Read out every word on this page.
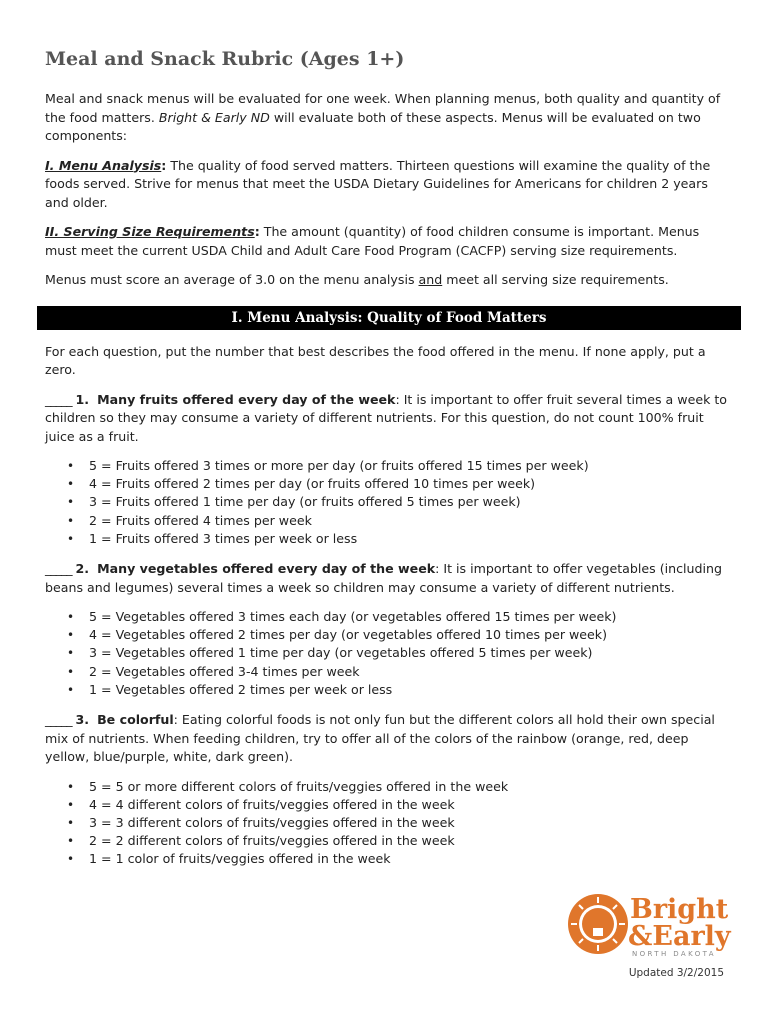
Meal and Snack Rubric (Ages 1+)

Meal and snack menus will be evaluated for one week. When planning menus, both quality and quantity of the food matters. Bright & Early ND will evaluate both of these aspects. Menus will be evaluated on two components:

I. Menu Analysis: The quality of food served matters. Thirteen questions will examine the quality of the foods served. Strive for menus that meet the USDA Dietary Guidelines for Americans for children 2 years and older.

II. Serving Size Requirements: The amount (quantity) of food children consume is important. Menus must meet the current USDA Child and Adult Care Food Program (CACFP) serving size requirements.

Menus must score an average of 3.0 on the menu analysis and meet all serving size requirements.

I. Menu Analysis: Quality of Food Matters

For each question, put the number that best describes the food offered in the menu. If none apply, put a zero.

_____ 1. Many fruits offered every day of the week: It is important to offer fruit several times a week to children so they may consume a variety of different nutrients. For this question, do not count 100% fruit juice as a fruit.

• 5 = Fruits offered 3 times or more per day (or fruits offered 15 times per week)
• 4 = Fruits offered 2 times per day (or fruits offered 10 times per week)
• 3 = Fruits offered 1 time per day (or fruits offered 5 times per week)
• 2 = Fruits offered 4 times per week
• 1 = Fruits offered 3 times per week or less

_____ 2. Many vegetables offered every day of the week: It is important to offer vegetables (including beans and legumes) several times a week so children may consume a variety of different nutrients.

• 5 = Vegetables offered 3 times each day (or vegetables offered 15 times per week)
• 4 = Vegetables offered 2 times per day (or vegetables offered 10 times per week)
• 3 = Vegetables offered 1 time per day (or vegetables offered 5 times per week)
• 2 = Vegetables offered 3-4 times per week
• 1 = Vegetables offered 2 times per week or less

_____ 3. Be colorful: Eating colorful foods is not only fun but the different colors all hold their own special mix of nutrients. When feeding children, try to offer all of the colors of the rainbow (orange, red, deep yellow, blue/purple, white, dark green).

• 5 = 5 or more different colors of fruits/veggies offered in the week
• 4 = 4 different colors of fruits/veggies offered in the week
• 3 = 3 different colors of fruits/veggies offered in the week
• 2 = 2 different colors of fruits/veggies offered in the week
• 1 = 1 color of fruits/veggies offered in the week
Bright
&Early
NORTH DAKOTA
Updated 3/2/2015
